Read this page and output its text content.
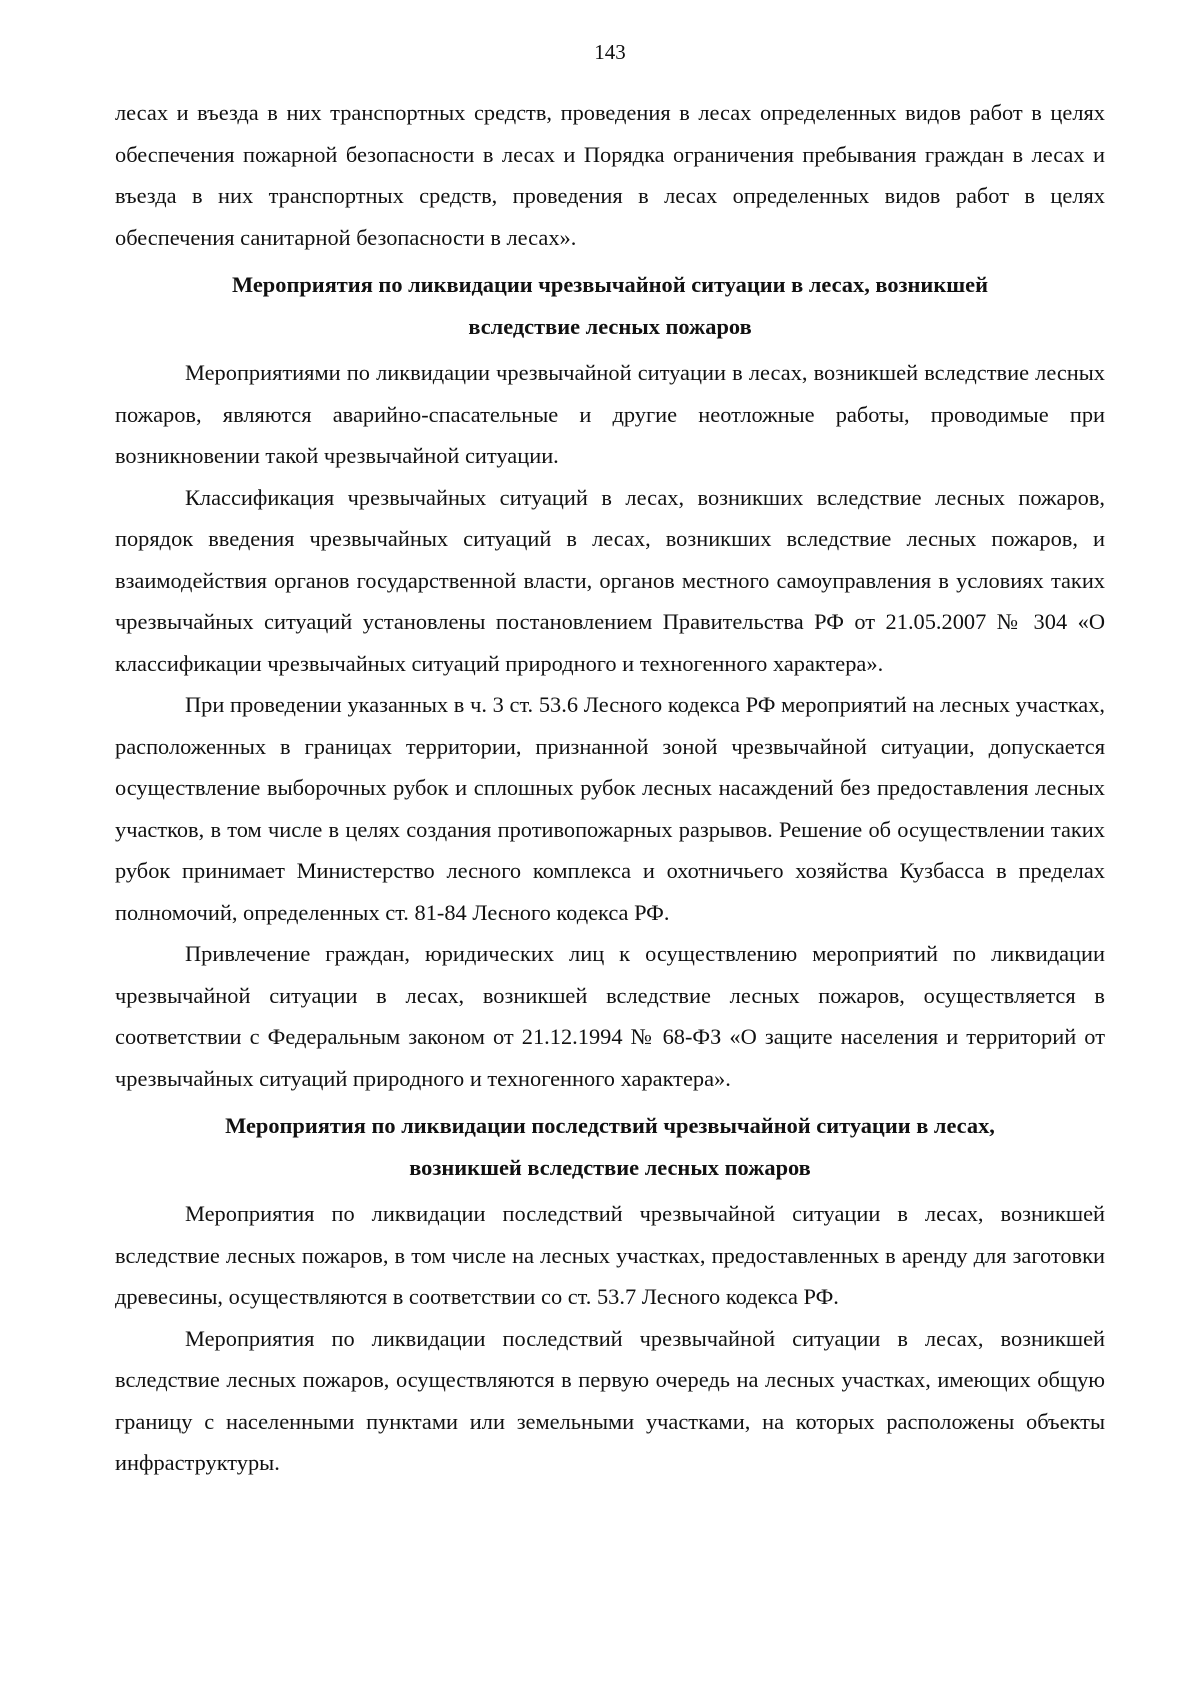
143

лесах и въезда в них транспортных средств, проведения в лесах определенных видов работ в целях обеспечения пожарной безопасности в лесах и Порядка ограничения пребывания граждан в лесах и въезда в них транспортных средств, проведения в лесах определенных видов работ в целях обеспечения санитарной безопасности в лесах».

Мероприятия по ликвидации чрезвычайной ситуации в лесах, возникшей
вследствие лесных пожаров

Мероприятиями по ликвидации чрезвычайной ситуации в лесах, возникшей вследствие лесных пожаров, являются аварийно-спасательные и другие неотложные работы, проводимые при возникновении такой чрезвычайной ситуации.

Классификация чрезвычайных ситуаций в лесах, возникших вследствие лесных пожаров, порядок введения чрезвычайных ситуаций в лесах, возникших вследствие лесных пожаров, и взаимодействия органов государственной власти, органов местного самоуправления в условиях таких чрезвычайных ситуаций установлены постановлением Правительства РФ от 21.05.2007 № 304 «О классификации чрезвычайных ситуаций природного и техногенного характера».

При проведении указанных в ч. 3 ст. 53.6 Лесного кодекса РФ мероприятий на лесных участках, расположенных в границах территории, признанной зоной чрезвычайной ситуации, допускается осуществление выборочных рубок и сплошных рубок лесных насаждений без предоставления лесных участков, в том числе в целях создания противопожарных разрывов. Решение об осуществлении таких рубок принимает Министерство лесного комплекса и охотничьего хозяйства Кузбасса в пределах полномочий, определенных ст. 81-84 Лесного кодекса РФ.

Привлечение граждан, юридических лиц к осуществлению мероприятий по ликвидации чрезвычайной ситуации в лесах, возникшей вследствие лесных пожаров, осуществляется в соответствии с Федеральным законом от 21.12.1994 № 68-ФЗ «О защите населения и территорий от чрезвычайных ситуаций природного и техногенного характера».

Мероприятия по ликвидации последствий чрезвычайной ситуации в лесах,
возникшей вследствие лесных пожаров

Мероприятия по ликвидации последствий чрезвычайной ситуации в лесах, возникшей вследствие лесных пожаров, в том числе на лесных участках, предоставленных в аренду для заготовки древесины, осуществляются в соответствии со ст. 53.7 Лесного кодекса РФ.

Мероприятия по ликвидации последствий чрезвычайной ситуации в лесах, возникшей вследствие лесных пожаров, осуществляются в первую очередь на лесных участках, имеющих общую границу с населенными пунктами или земельными участками, на которых расположены объекты инфраструктуры.
